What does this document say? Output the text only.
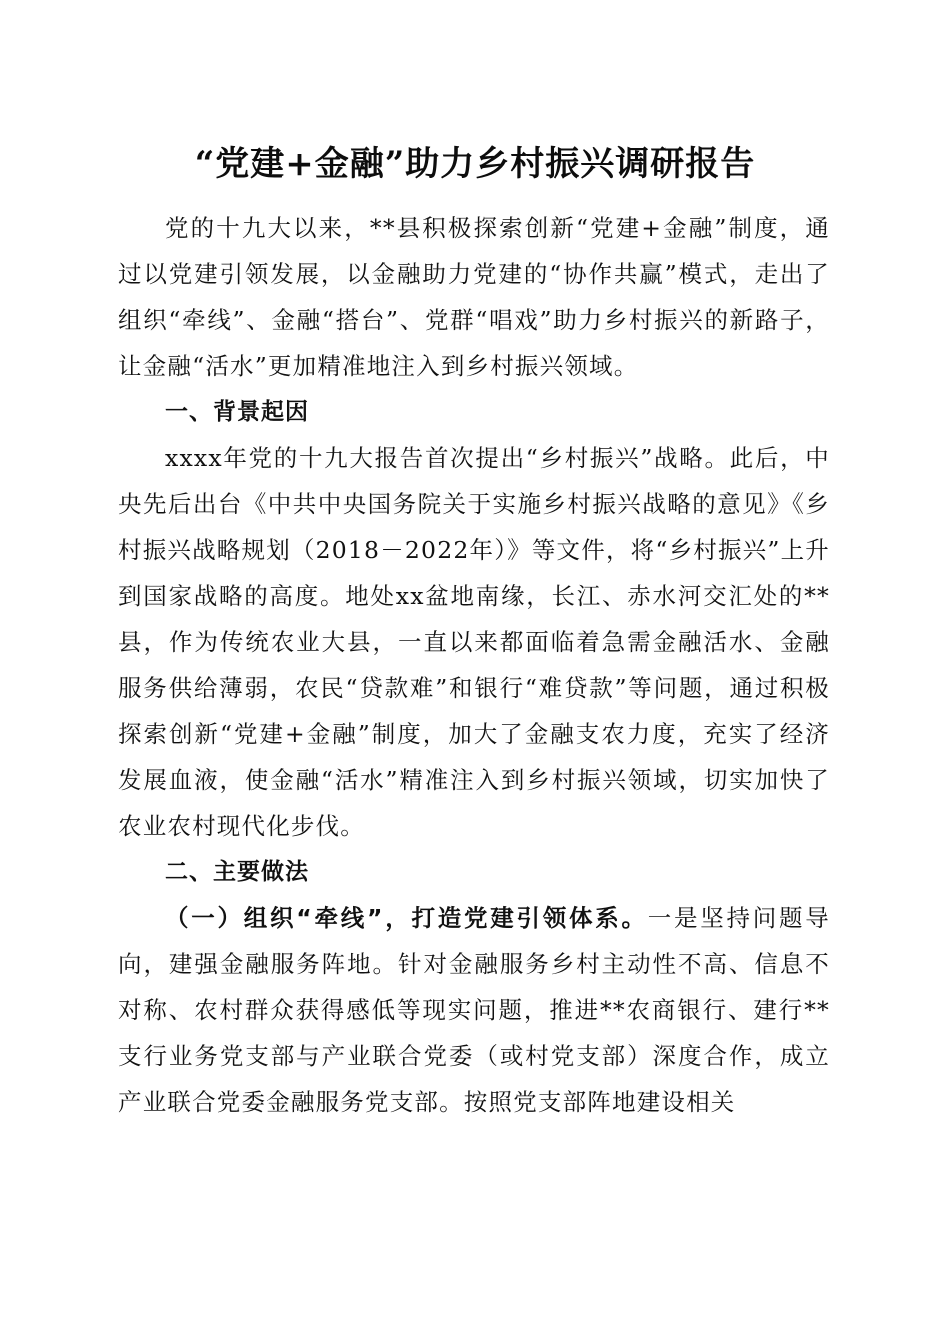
“党建+金融”助力乡村振兴调研报告

党的十九大以来，**县积极探索创新“党建+金融”制度，通过以党建引领发展，以金融助力党建的“协作共赢”模式，走出了组织“牵线”、金融“搭台”、党群“唱戏”助力乡村振兴的新路子，让金融“活水”更加精准地注入到乡村振兴领域。

一、背景起因

xxxx年党的十九大报告首次提出“乡村振兴”战略。此后，中央先后出台《中共中央国务院关于实施乡村振兴战略的意见》《乡村振兴战略规划（2018－2022年）》等文件，将“乡村振兴”上升到国家战略的高度。地处xx盆地南缘，长江、赤水河交汇处的**县，作为传统农业大县，一直以来都面临着急需金融活水、金融服务供给薄弱，农民“贷款难”和银行“难贷款”等问题，通过积极探索创新“党建+金融”制度，加大了金融支农力度，充实了经济发展血液，使金融“活水”精准注入到乡村振兴领域，切实加快了农业农村现代化步伐。

二、主要做法

（一）组织“牵线”，打造党建引领体系。一是坚持问题导向，建强金融服务阵地。针对金融服务乡村主动性不高、信息不对称、农村群众获得感低等现实问题，推进**农商银行、建行**支行业务党支部与产业联合党委（或村党支部）深度合作，成立产业联合党委金融服务党支部。按照党支部阵地建设相关
